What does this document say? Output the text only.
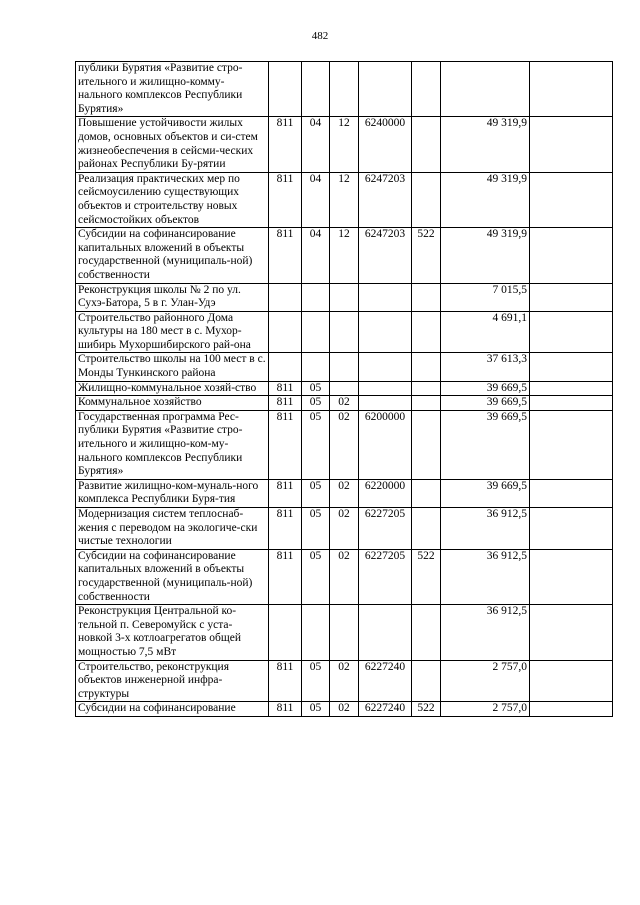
482
публики Бурятия «Развитие стро-ительного и жилищно-комму-нального комплексов Республики Бурятия»							
Повышение устойчивости жилых домов, основных объектов и си-стем жизнеобеспечения в сейсми-ческих районах Республики Бу-рятии	811	04	12	6240000		49 319,9	
Реализация практических мер по сейсмоусилению существующих объектов и строительству новых сейсмостойких объектов	811	04	12	6247203		49 319,9	
Субсидии на софинансирование капитальных вложений в объекты государственной (муниципаль-ной) собственности	811	04	12	6247203	522	49 319,9	
Реконструкция школы № 2 по ул. Сухэ-Батора, 5 в г. Улан-Удэ						7 015,5	
Строительство районного Дома культуры на 180 мест в с. Мухор-шибирь Мухоршибирского рай-она						4 691,1	
Строительство школы на 100 мест в с. Монды Тункинского района						37 613,3	
Жилищно-коммунальное хозяй-ство	811	05				39 669,5	
Коммунальное хозяйство	811	05	02			39 669,5	
Государственная программа Рес-публики Бурятия «Развитие стро-ительного и жилищно-ком-му-нального комплексов Республики Бурятия»	811	05	02	6200000		39 669,5	
Развитие жилищно-ком-муналь-ного комплекса Республики Буря-тия	811	05	02	6220000		39 669,5	
Модернизация систем теплоснаб-жения с переводом на экологиче-ски чистые технологии	811	05	02	6227205		36 912,5	
Субсидии на софинансирование капитальных вложений в объекты государственной (муниципаль-ной) собственности	811	05	02	6227205	522	36 912,5	
Реконструкция Центральной ко-тельной п. Северомуйск с уста-новкой 3-х котлоагрегатов общей мощностью 7,5 мВт						36 912,5	
Строительство, реконструкция объектов инженерной инфра-структуры	811	05	02	6227240		2 757,0	
Субсидии на софинансирование	811	05	02	6227240	522	2 757,0	
